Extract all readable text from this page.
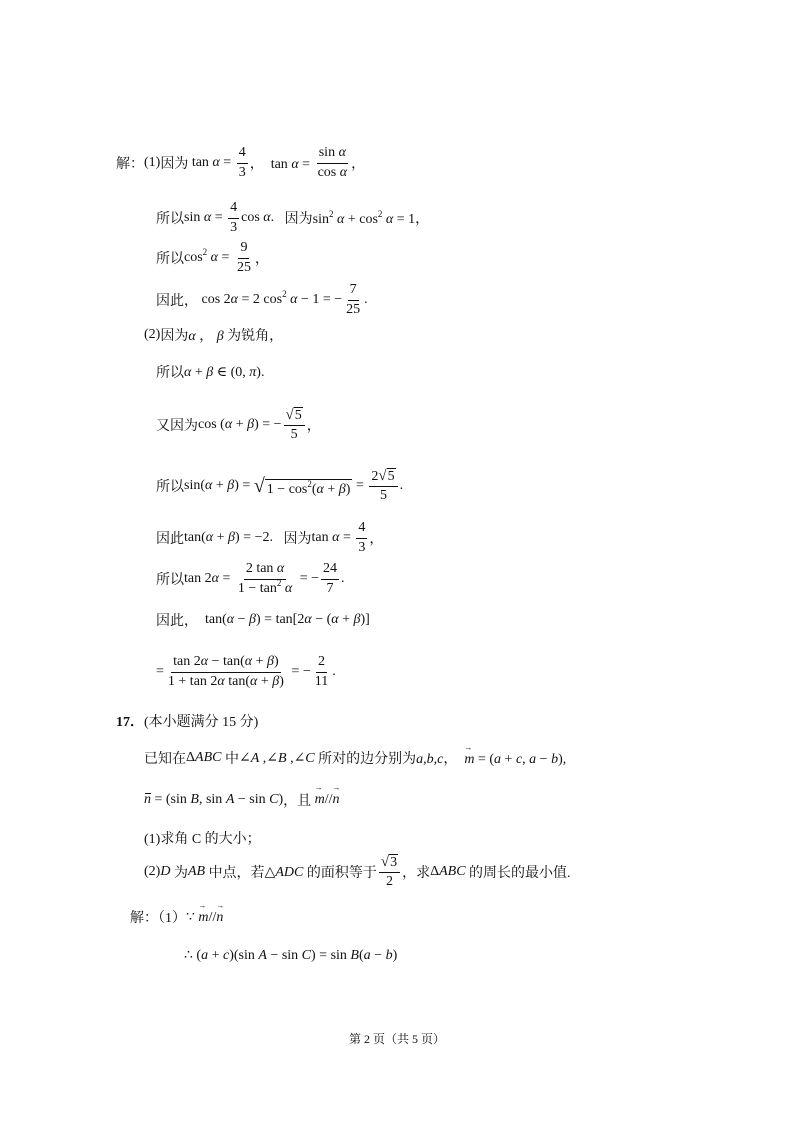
解： (1) 因为 $\tan \alpha = \frac{4}{3}$ ，  $\tan \alpha = \frac{\text{sin α}}{\text{cos α}}$ ，
所以 $\sin \alpha = \frac{4}{3}$ cos α. 因为 $\sin^2 \alpha + \cos^2 \alpha = 1$，
所以 $\cos^2 \alpha = \frac{9}{25}$ ，
因此， cos 2α = 2 $\cos^2 \alpha - 1$ = − $\frac{7}{25}$ .
(2) 因为 α ， β 为锐角，
所以 α + β ∈ (0, π).
又因为 cos (α + β) = − $\frac{√ 5}{5}$ ，
所以 sin(α + β) = √ $1 - \cos^2(\alpha + \beta) = \frac{2 √ 5}{5}$ .
因此 tan(α + β) = −2. 因为 $\tan \alpha = \frac{4}{3}$ ，
所以 $\tan 2\alpha = \frac{\text{2 tan α}}{1 - \tan^2 \alpha}$ = − $\frac{24}{7}$ .
因此， tan(α − β) = tan[2α − (α + β)]
= $\frac{\tan 2\alpha - \tan(\alpha + \beta)}{\text{1 + tan 2α tan(α + β)}}$ = − $\frac{2}{11}$ .
17． (本小题满分 15 分)
已知在 ΔABC 中 ∠A ,∠B ,∠C 所对的边分别为 a,b,c，  → m = (a + c, a − b),
n = (sin B, sin A − sin C) ，且
→ m//→ n
(1)求角 C 的大小；
(2) D 为 AB 中点，若 △ADC 的面积等于 $\frac{√ 3}{2}$ ，求 ΔABC 的周长的最小值.
解：（1） ∵ → m//→ n
∴ (a + c)(sin A − sin C) = sin B(a − b)
第 2 页（共 5 页）
